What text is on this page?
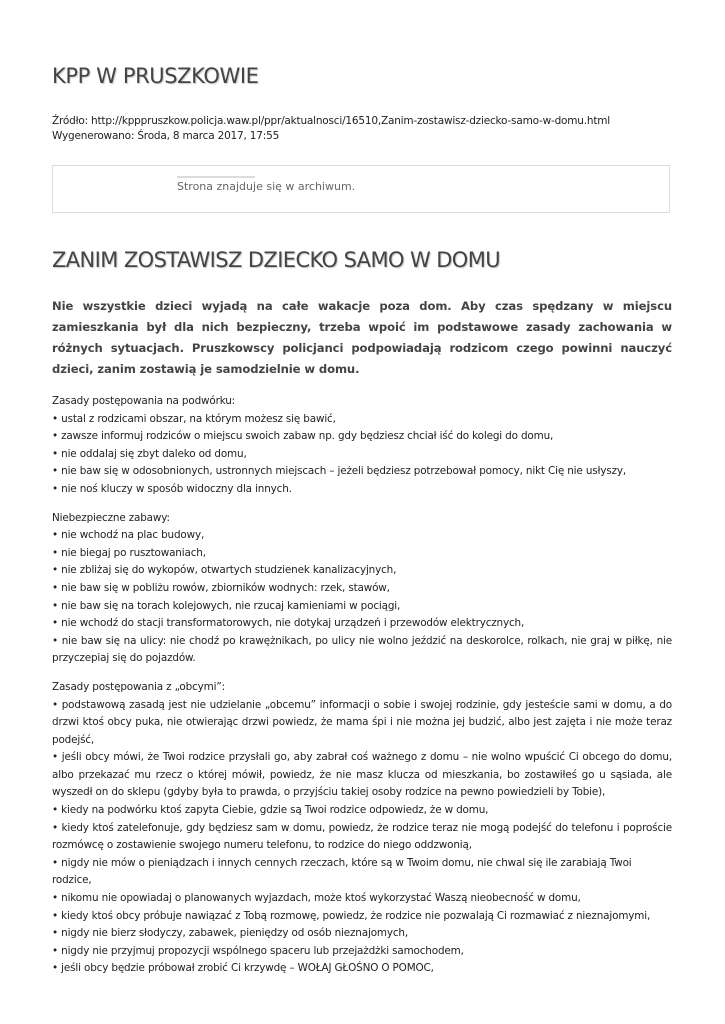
KPP W PRUSZKOWIE
Źródło: http://kpppruszkow.policja.waw.pl/ppr/aktualnosci/16510,Zanim-zostawisz-dziecko-samo-w-domu.html
Wygenerowano: Środa, 8 marca 2017, 17:55
Strona znajduje się w archiwum.
ZANIM ZOSTAWISZ DZIECKO SAMO W DOMU

Nie wszystkie dzieci wyjadą na całe wakacje poza dom. Aby czas spędzany w miejscu zamieszkania był dla nich bezpieczny, trzeba wpoić im podstawowe zasady zachowania w różnych sytuacjach. Pruszkowscy policjanci podpowiadają rodzicom czego powinni nauczyć dzieci, zanim zostawią je samodzielnie w domu.

Zasady postępowania na podwórku:

• ustal z rodzicami obszar, na którym możesz się bawić,

• zawsze informuj rodziców o miejscu swoich zabaw np. gdy będziesz chciał iść do kolegi do domu,

• nie oddalaj się zbyt daleko od domu,

• nie baw się w odosobnionych, ustronnych miejscach – jeżeli będziesz potrzebował pomocy, nikt Cię nie usłyszy,

• nie noś kluczy w sposób widoczny dla innych.

Niebezpieczne zabawy:

• nie wchodź na plac budowy,

• nie biegaj po rusztowaniach,

• nie zbliżaj się do wykopów, otwartych studzienek kanalizacyjnych,

• nie baw się w pobliżu rowów, zbiorników wodnych: rzek, stawów,

• nie baw się na torach kolejowych, nie rzucaj kamieniami w pociągi,

• nie wchodź do stacji transformatorowych, nie dotykaj urządzeń i przewodów elektrycznych,

• nie baw się na ulicy: nie chodź po krawężnikach, po ulicy nie wolno jeździć na deskorolce, rolkach, nie graj w piłkę, nie przyczepiaj się do pojazdów.

Zasady postępowania z „obcymi”:

• podstawową zasadą jest nie udzielanie „obcemu” informacji o sobie i swojej rodzinie, gdy jesteście sami w domu, a do drzwi ktoś obcy puka, nie otwierając drzwi powiedz, że mama śpi i nie można jej budzić, albo jest zajęta i nie może teraz podejść,

• jeśli obcy mówi, że Twoi rodzice przysłali go, aby zabrał coś ważnego z domu – nie wolno wpuścić Ci obcego do domu, albo przekazać mu rzecz o której mówił, powiedz, że nie masz klucza od mieszkania, bo zostawiłeś go u sąsiada, ale wyszedł on do sklepu (gdyby była to prawda, o przyjściu takiej osoby rodzice na pewno powiedzieli by Tobie),

• kiedy na podwórku ktoś zapyta Ciebie, gdzie są Twoi rodzice odpowiedz, że w domu,

• kiedy ktoś zatelefonuje, gdy będziesz sam w domu, powiedz, że rodzice teraz nie mogą podejść do telefonu i poproście rozmówcę o zostawienie swojego numeru telefonu, to rodzice do niego oddzwonią,

• nigdy nie mów o pieniądzach i innych cennych rzeczach, które są w Twoim domu, nie chwal się ile zarabiają Twoi rodzice,

• nikomu nie opowiadaj o planowanych wyjazdach, może ktoś wykorzystać Waszą nieobecność w domu,

• kiedy ktoś obcy próbuje nawiązać z Tobą rozmowę, powiedz, że rodzice nie pozwalają Ci rozmawiać z nieznajomymi,

• nigdy nie bierz słodyczy, zabawek, pieniędzy od osób nieznajomych,

• nigdy nie przyjmuj propozycji wspólnego spaceru lub przejażdżki samochodem,

• jeśli obcy będzie próbował zrobić Ci krzywdę – WOŁAJ GŁOŚNO O POMOC,
